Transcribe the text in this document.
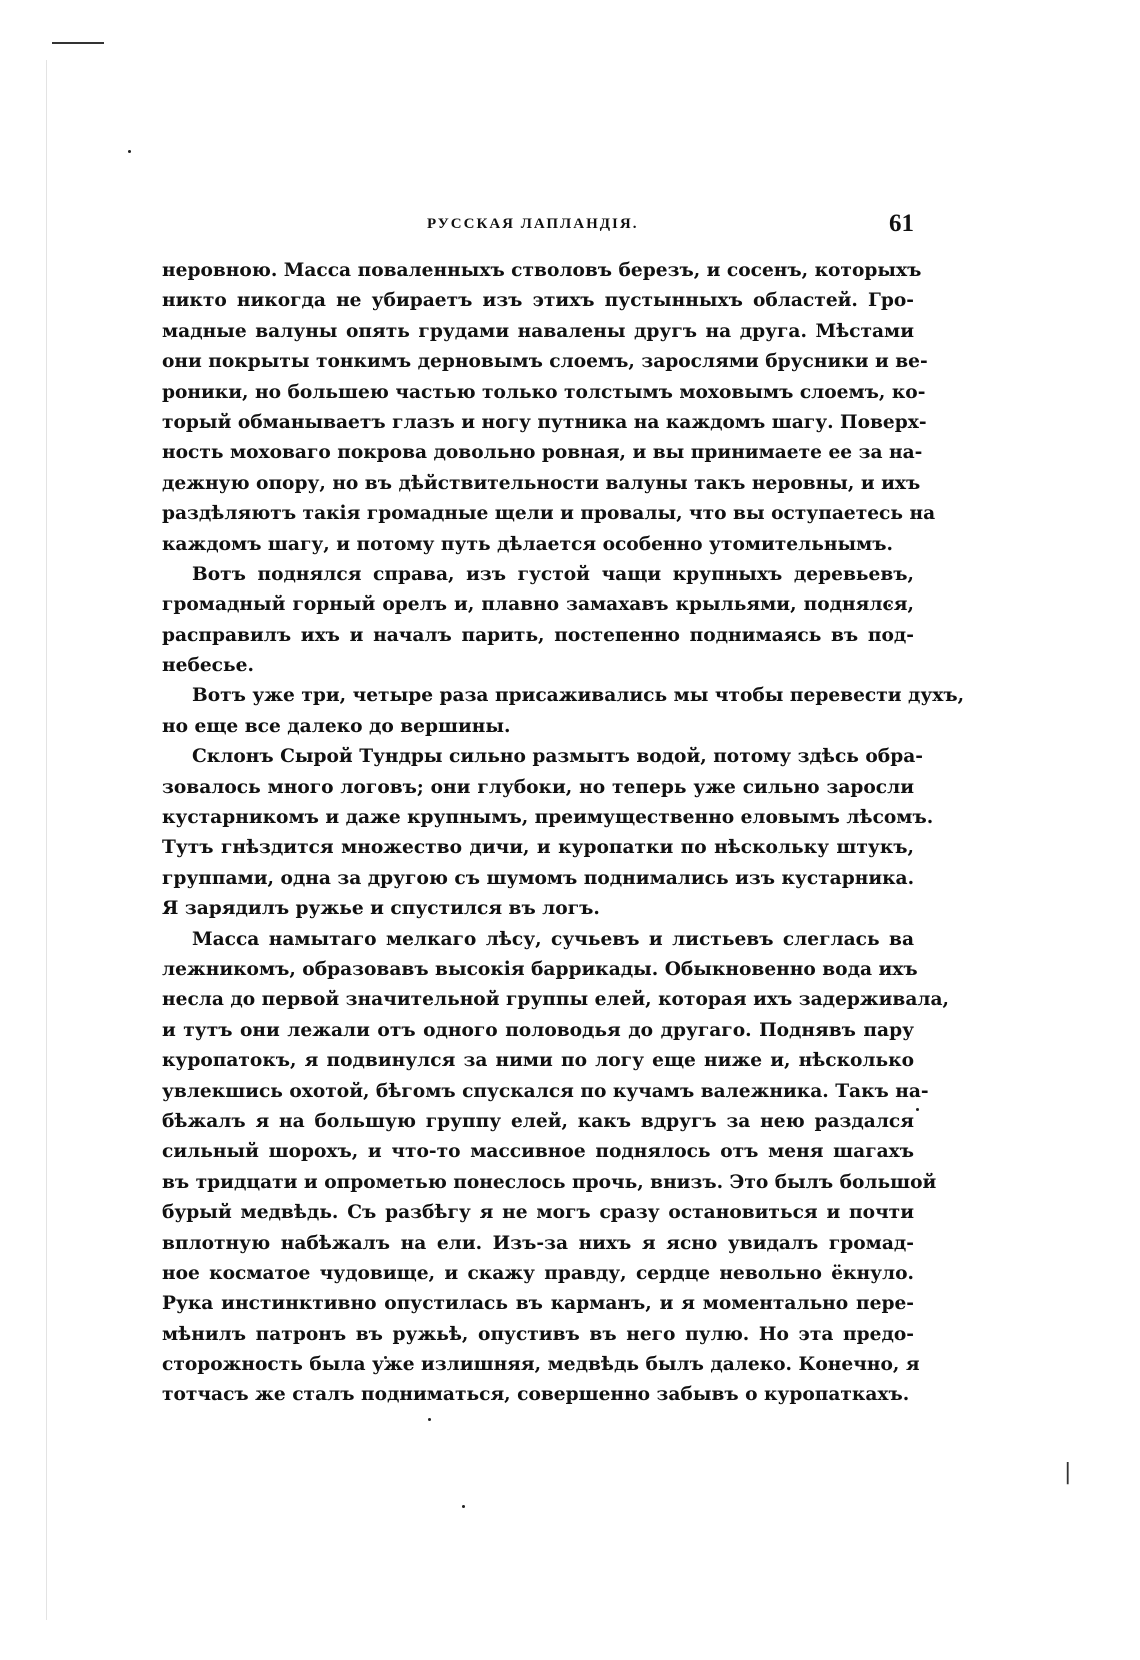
РУССКАЯ ЛАПЛАНДІЯ.	61
неровною. Масса поваленныхъ стволовъ березъ, и сосенъ, которыхъ
никто никогда не убираетъ изъ этихъ пустынныхъ областей. Гро-
мадные валуны опять грудами навалены другъ на друга. Мѣстами
они покрыты тонкимъ дерновымъ слоемъ, зарослями брусники и ве-
роники, но большею частью только толстымъ моховымъ слоемъ, ко-
торый обманываетъ глазъ и ногу путника на каждомъ шагу. Поверх-
ность моховаго покрова довольно ровная, и вы принимаете ее за на-
дежную опору, но въ дѣйствительности валуны такъ неровны, и ихъ
раздѣляютъ такія громадные щели и провалы, что вы оступаетесь на
каждомъ шагу, и потому путь дѣлается особенно утомительнымъ.
Вотъ поднялся справа, изъ густой чащи крупныхъ деревьевъ,
громадный горный орелъ и, плавно замахавъ крыльями, поднялся,
расправилъ ихъ и началъ парить, постепенно поднимаясь въ под-
небесье.
Вотъ уже три, четыре раза присаживались мы чтобы перевести духъ,
но еще все далеко до вершины.
Склонъ Сырой Тундры сильно размытъ водой, потому здѣсь обра-
зовалось много логовъ; они глубоки, но теперь уже сильно заросли
кустарникомъ и даже крупнымъ, преимущественно еловымъ лѣсомъ.
Тутъ гнѣздится множество дичи, и куропатки по нѣскольку штукъ,
группами, одна за другою съ шумомъ поднимались изъ кустарника.
Я зарядилъ ружье и спустился въ логъ.
Масса намытаго мелкаго лѣсу, сучьевъ и листьевъ слеглась ва
лежникомъ, образовавъ высокія баррикады. Обыкновенно вода ихъ
несла до первой значительной группы елей, которая ихъ задерживала,
и тутъ они лежали отъ одного половодья до другаго. Поднявъ пару
куропатокъ, я подвинулся за ними по логу еще ниже и, нѣсколько
увлекшись охотой, бѣгомъ спускался по кучамъ валежника. Такъ на-
бѣжалъ я на большую группу елей, какъ вдругъ за нею раздался
сильный шорохъ, и что-то массивное поднялось отъ меня шагахъ
въ тридцати и опрометью понеслось прочь, внизъ. Это былъ большой
бурый медвѣдь. Съ разбѣгу я не могъ сразу остановиться и почти
вплотную набѣжалъ на ели. Изъ-за нихъ я ясно увидалъ громад-
ное косматое чудовище, и скажу правду, сердце невольно ёкнуло.
Рука инстинктивно опустилась въ карманъ, и я моментально пере-
мѣнилъ патронъ въ ружьѣ, опустивъ въ него пулю. Но эта предо-
сторожность была уже излишняя, медвѣдь былъ далеко. Конечно, я
тотчасъ же сталъ подниматься, совершенно забывъ о куропаткахъ.
|
